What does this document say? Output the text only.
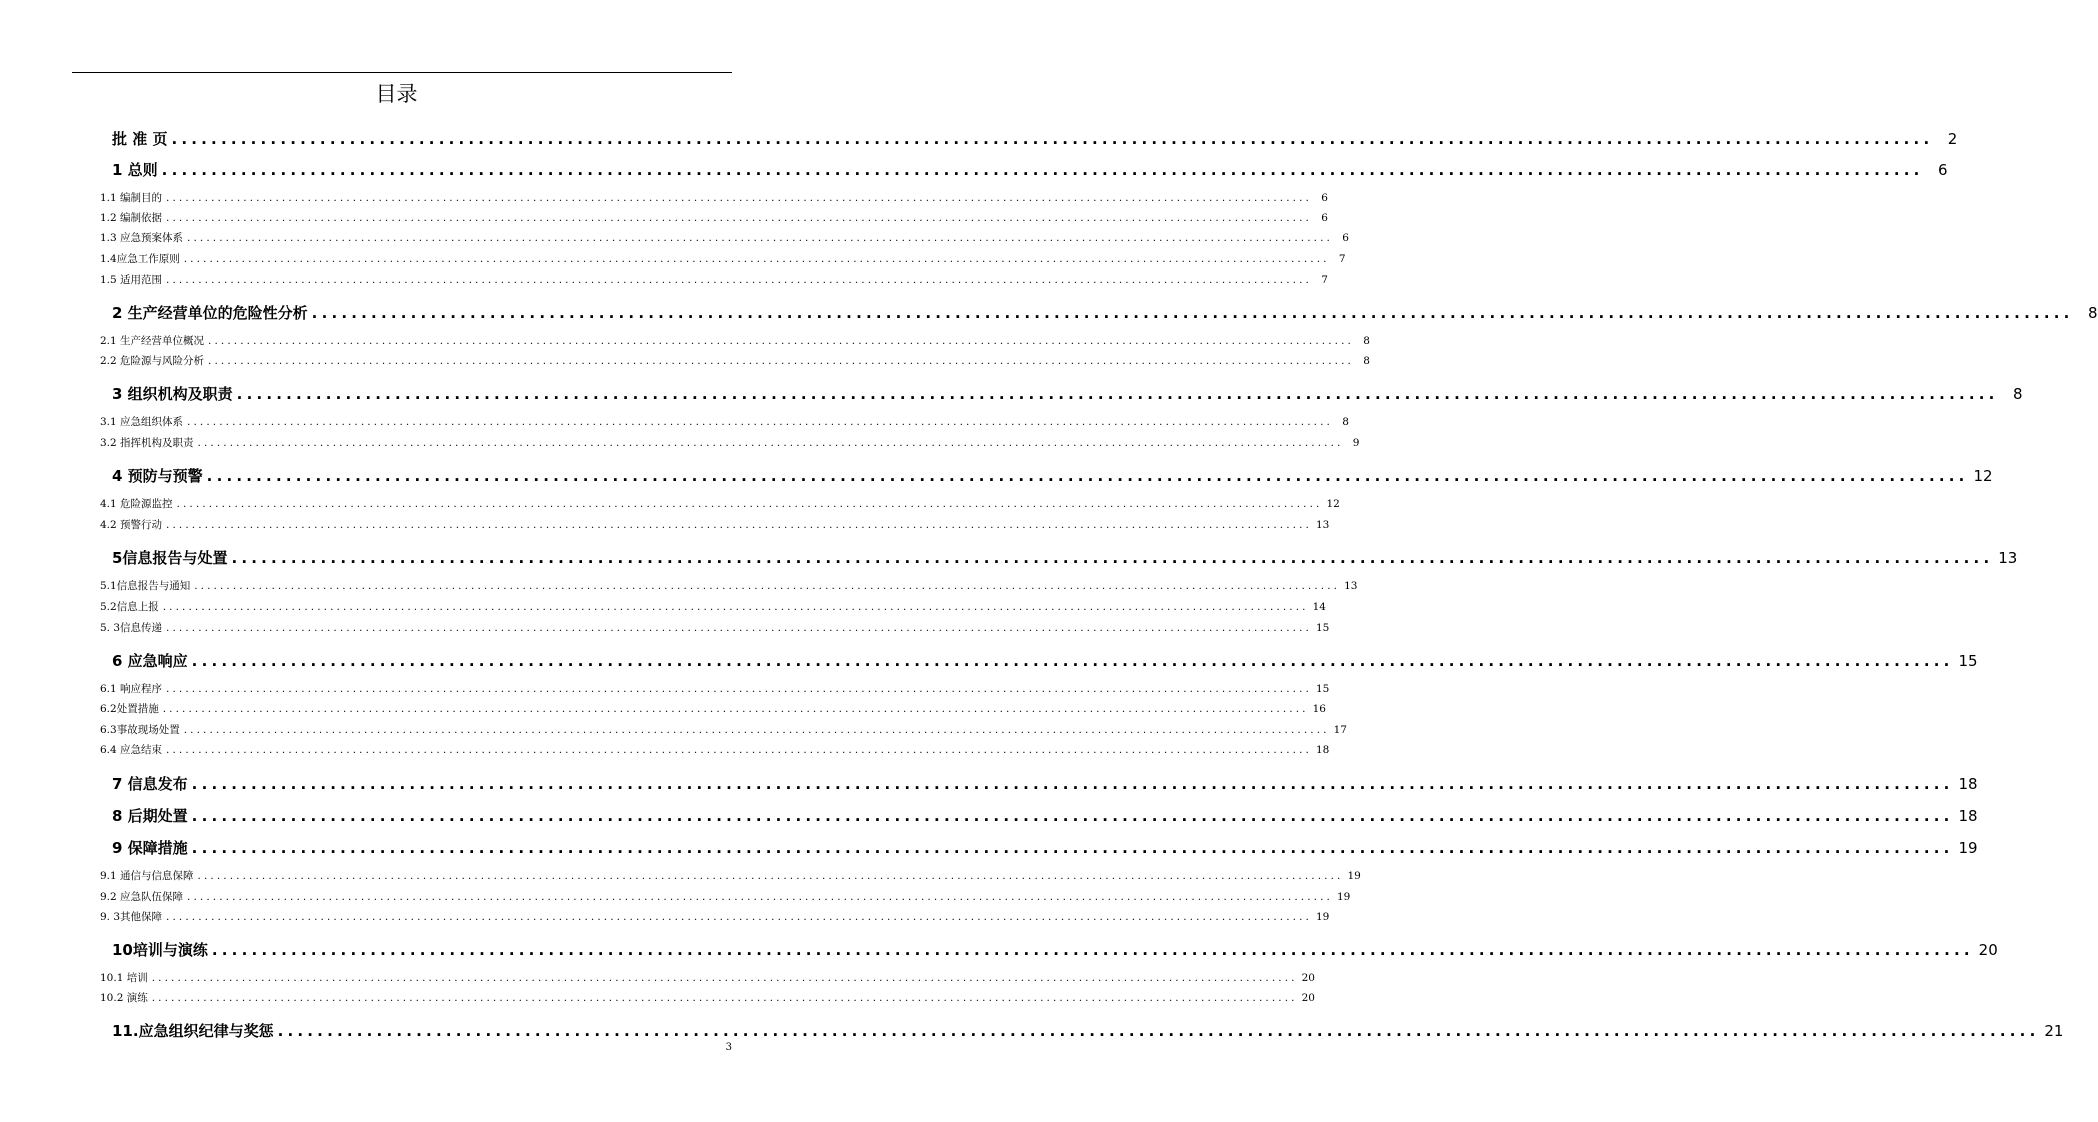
目录
批 准 页 .................................................................................................................................................................................. 2
1 总则 .................................................................................................................................................................................. 6
1.1 编制目的 .................................................................................................................................................................................. 6
1.2 编制依据 .................................................................................................................................................................................. 6
1.3 应急预案体系 .................................................................................................................................................................................. 6
1.4应急工作原则 .................................................................................................................................................................................. 7
1.5 适用范围 .................................................................................................................................................................................. 7
2 生产经营单位的危险性分析 .................................................................................................................................................................................. 8
2.1 生产经营单位概况 .................................................................................................................................................................................. 8
2.2 危险源与风险分析 .................................................................................................................................................................................. 8
3 组织机构及职责 .................................................................................................................................................................................. 8
3.1 应急组织体系 .................................................................................................................................................................................. 8
3.2 指挥机构及职责 .................................................................................................................................................................................. 9
4 预防与预警 .................................................................................................................................................................................. 12
4.1 危险源监控 .................................................................................................................................................................................. 12
4.2 预警行动 .................................................................................................................................................................................. 13
5信息报告与处置 .................................................................................................................................................................................. 13
5.1信息报告与通知 .................................................................................................................................................................................. 13
5.2信息上报 .................................................................................................................................................................................. 14
5. 3信息传递 .................................................................................................................................................................................. 15
6 应急响应 .................................................................................................................................................................................. 15
6.1 响应程序 .................................................................................................................................................................................. 15
6.2处置措施 .................................................................................................................................................................................. 16
6.3事故现场处置 .................................................................................................................................................................................. 17
6.4 应急结束 .................................................................................................................................................................................. 18
7 信息发布 .................................................................................................................................................................................. 18
8 后期处置 .................................................................................................................................................................................. 18
9 保障措施 .................................................................................................................................................................................. 19
9.1 通信与信息保障 .................................................................................................................................................................................. 19
9.2 应急队伍保障 .................................................................................................................................................................................. 19
9. 3其他保障 .................................................................................................................................................................................. 19
10培训与演练 .................................................................................................................................................................................. 20
10.1 培训 .................................................................................................................................................................................. 20
10.2 演练 .................................................................................................................................................................................. 20
11.应急组织纪律与奖惩 .................................................................................................................................................................................. 21
3
